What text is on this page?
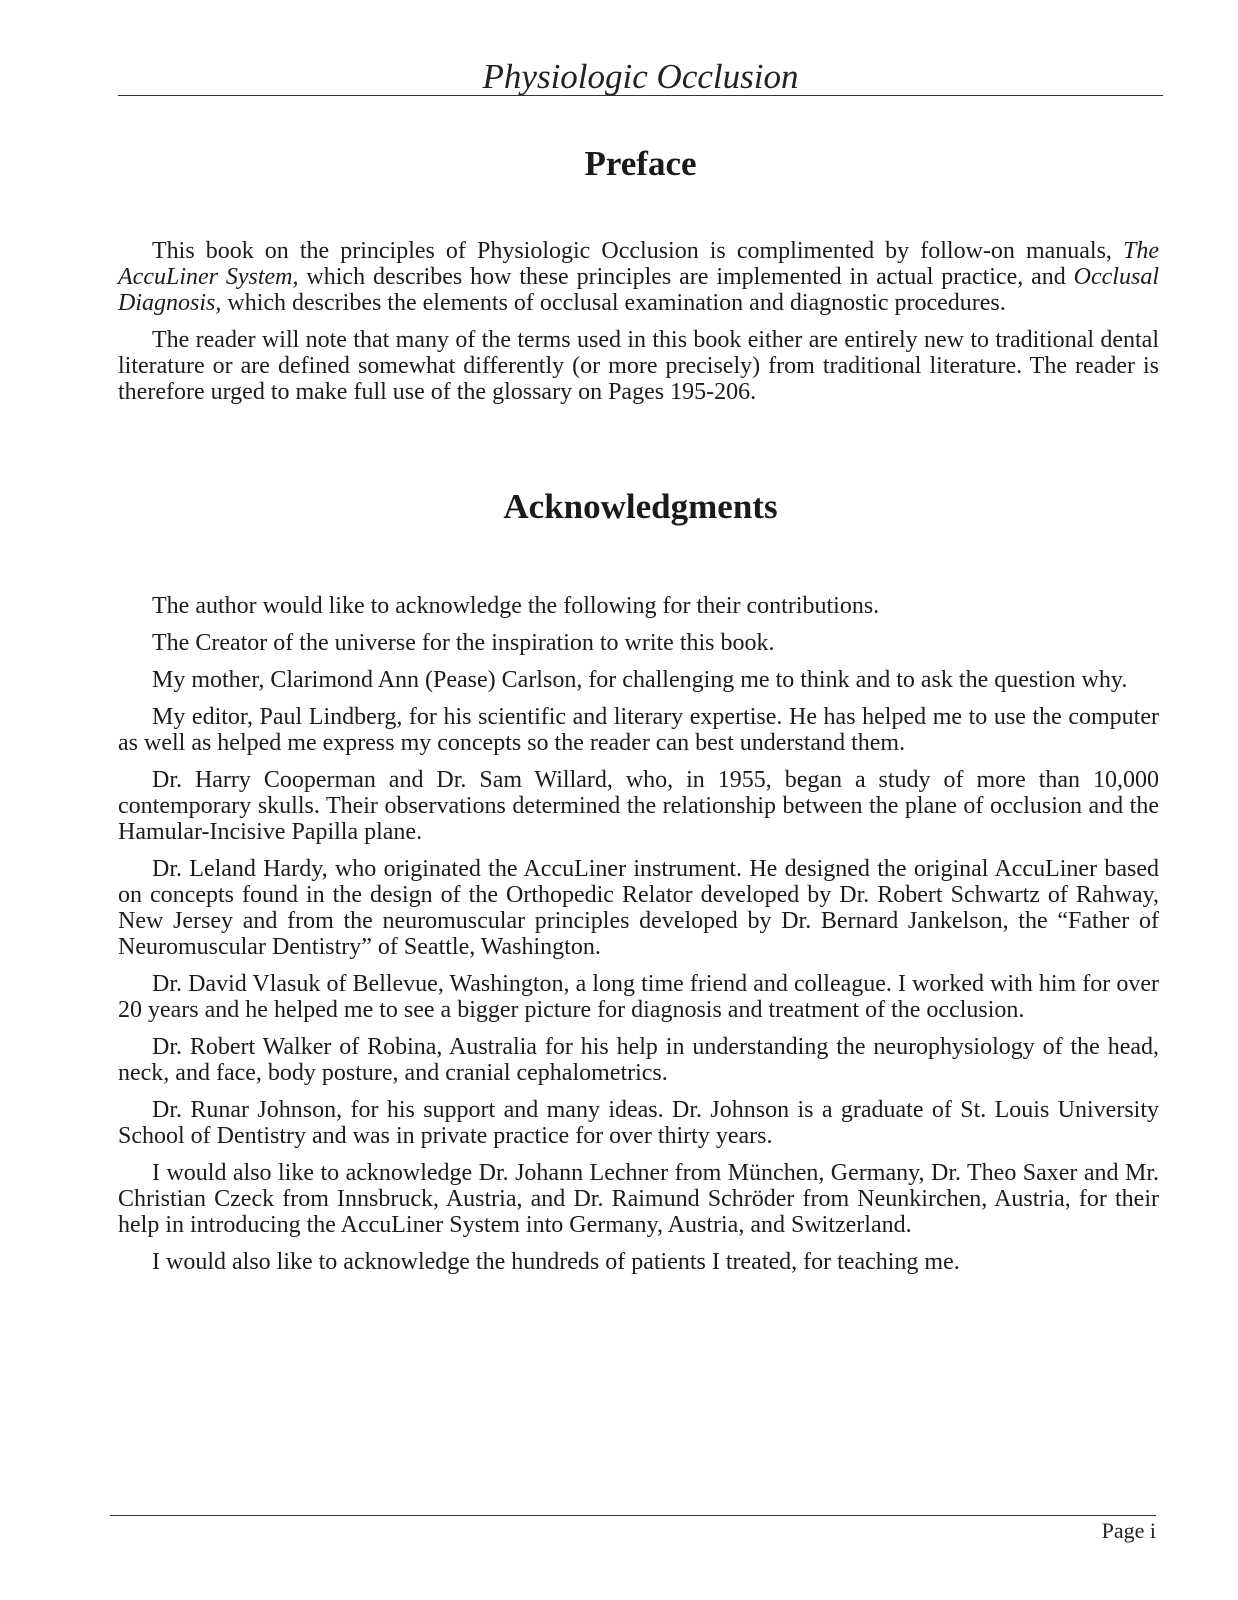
Physiologic Occlusion
Preface

This book on the principles of Physiologic Occlusion is complimented by follow-on manuals, The AccuLiner System, which describes how these principles are implemented in actual practice, and Occlusal Diagnosis, which describes the elements of occlusal examination and diagnostic procedures.

The reader will note that many of the terms used in this book either are entirely new to traditional dental literature or are defined somewhat differently (or more precisely) from traditional literature. The reader is therefore urged to make full use of the glossary on Pages 195-206.

Acknowledgments

The author would like to acknowledge the following for their contributions.

The Creator of the universe for the inspiration to write this book.

My mother, Clarimond Ann (Pease) Carlson, for challenging me to think and to ask the question why.

My editor, Paul Lindberg, for his scientific and literary expertise. He has helped me to use the computer as well as helped me express my concepts so the reader can best understand them.

Dr. Harry Cooperman and Dr. Sam Willard, who, in 1955, began a study of more than 10,000 contemporary skulls. Their observations determined the relationship between the plane of occlusion and the Hamular-Incisive Papilla plane.

Dr. Leland Hardy, who originated the AccuLiner instrument. He designed the original AccuLiner based on concepts found in the design of the Orthopedic Relator developed by Dr. Robert Schwartz of Rahway, New Jersey and from the neuromuscular principles developed by Dr. Bernard Jankelson, the “Father of Neuromuscular Dentistry” of Seattle, Washington.

Dr. David Vlasuk of Bellevue, Washington, a long time friend and colleague. I worked with him for over 20 years and he helped me to see a bigger picture for diagnosis and treatment of the occlusion.

Dr. Robert Walker of Robina, Australia for his help in understanding the neurophysiology of the head, neck, and face, body posture, and cranial cephalometrics.

Dr. Runar Johnson, for his support and many ideas. Dr. Johnson is a graduate of St. Louis University School of Dentistry and was in private practice for over thirty years.

I would also like to acknowledge Dr. Johann Lechner from München, Germany, Dr. Theo Saxer and Mr. Christian Czeck from Innsbruck, Austria, and Dr. Raimund Schröder from Neunkirchen, Austria, for their help in introducing the AccuLiner System into Germany, Austria, and Switzerland.

I would also like to acknowledge the hundreds of patients I treated, for teaching me.

Page i
